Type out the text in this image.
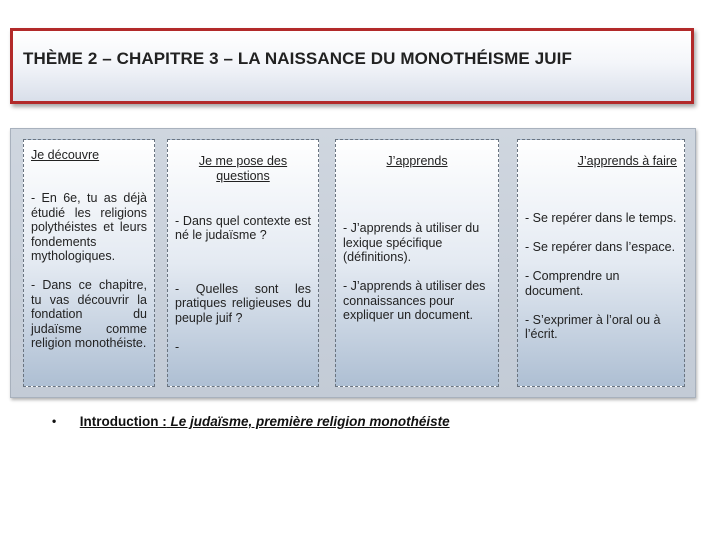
THÈME 2 – CHAPITRE 3 – LA NAISSANCE DU MONOTHÉISME JUIF
Je découvre

- En 6e, tu as déjà étudié les religions polythéistes et leurs fondements mythologiques.

- Dans ce chapitre, tu vas découvrir la fondation du judaïsme comme religion monothéiste.

Je me pose des questions

- Dans quel contexte est né le judaïsme ?

- Quelles sont les pratiques religieuses du peuple juif ?

-

J’apprends

- J’apprends à utiliser du lexique spécifique (définitions).

- J’apprends à utiliser des connaissances pour expliquer un document.

J’apprends à faire

- Se repérer dans le temps.

- Se repérer dans l’espace.

- Comprendre un document.

- S’exprimer à l’oral ou à l’écrit.

• Introduction : Le judaïsme, première religion monothéiste
